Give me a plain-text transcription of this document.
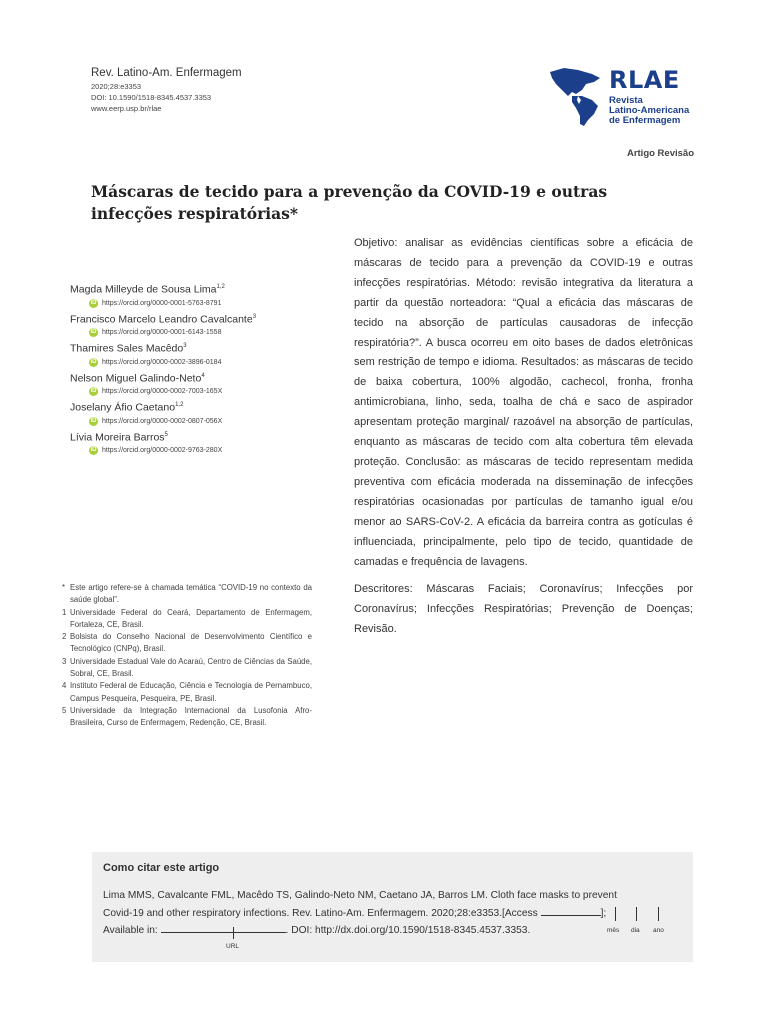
Rev. Latino-Am. Enfermagem
2020;28:e3353
DOI: 10.1590/1518-8345.4537.3353
www.eerp.usp.br/rlae
RLAE
Revista
Latino-Americana
de Enfermagem
Artigo Revisão
Máscaras de tecido para a prevenção da COVID-19 e outras
infecções respiratórias*
Magda Milleyde de Sousa Lima$^{1,2}$
iD https://orcid.org/0000-0001-5763-8791
Francisco Marcelo Leandro Cavalcante$^3$
iD https://orcid.org/0000-0001-6143-1558
Thamires Sales Macêdo$^3$
iD https://orcid.org/0000-0002-3896-0184
Nelson Miguel Galindo-Neto$^4$
iD https://orcid.org/0000-0002-7003-165X
Joselany Áfio Caetano$^{1,2}$
iD https://orcid.org/0000-0002-0807-056X
Lívia Moreira Barros$^5$
iD https://orcid.org/0000-0002-9763-280X

Objetivo: analisar as evidências científicas sobre a eficácia de máscaras de tecido para a prevenção da COVID-19 e outras infecções respiratórias. Método: revisão integrativa da literatura a partir da questão norteadora: “Qual a eficácia das máscaras de tecido na absorção de partículas causadoras de infecção respiratória?”. A busca ocorreu em oito bases de dados eletrônicas sem restrição de tempo e idioma. Resultados: as máscaras de tecido de baixa cobertura, 100% algodão, cachecol, fronha, fronha antimicrobiana, linho, seda, toalha de chá e saco de aspirador apresentam proteção marginal/ razoável na absorção de partículas, enquanto as máscaras de tecido com alta cobertura têm elevada proteção. Conclusão: as máscaras de tecido representam medida preventiva com eficácia moderada na disseminação de infecções respiratórias ocasionadas por partículas de tamanho igual e/ou menor ao SARS-CoV-2. A eficácia da barreira contra as gotículas é influenciada, principalmente, pelo tipo de tecido, quantidade de camadas e frequência de lavagens.

Descritores: Máscaras Faciais; Coronavírus; Infecções por Coronavírus; Infecções Respiratórias; Prevenção de Doenças; Revisão.

* Este artigo refere-se à chamada temática “COVID-19 no contexto da saúde global”.
1 Universidade Federal do Ceará, Departamento de Enfermagem, Fortaleza, CE, Brasil.
2 Bolsista do Conselho Nacional de Desenvolvimento Científico e Tecnológico (CNPq), Brasil.
3 Universidade Estadual Vale do Acaraú, Centro de Ciências da Saúde, Sobral, CE, Brasil.
4 Instituto Federal de Educação, Ciência e Tecnologia de Pernambuco, Campus Pesqueira, Pesqueira, PE, Brasil.
5 Universidade da Integração Internacional da Lusofonia Afro-Brasileira, Curso de Enfermagem, Redenção, CE, Brasil.
Como citar este artigo
Lima MMS, Cavalcante FML, Macêdo TS, Galindo-Neto NM, Caetano JA, Barros LM. Cloth face masks to prevent
Covid-19 and other respiratory infections. Rev. Latino-Am. Enfermagem. 2020;28:e3353.[Access	];
Available in:	. DOI: http://dx.doi.org/10.1590/1518-8345.4537.3353.	mês dia ano
URL
